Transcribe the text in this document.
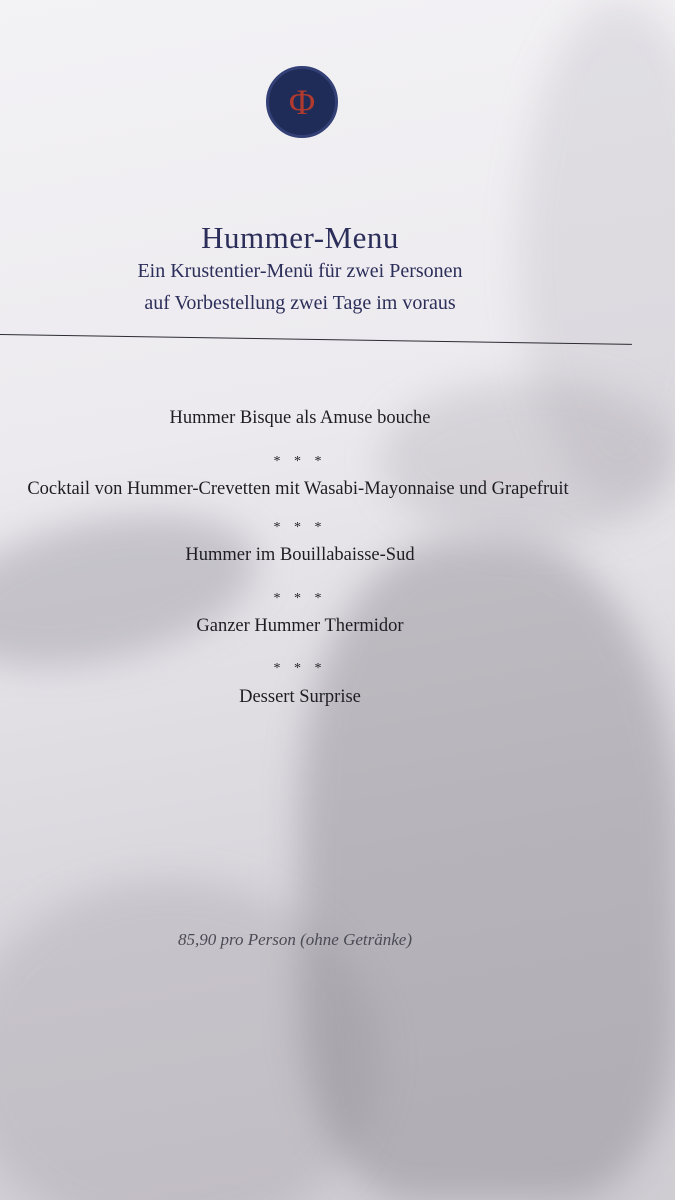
Φ
Hummer-Menu
Ein Krustentier-Menü für zwei Personen
auf Vorbestellung zwei Tage im voraus
Hummer Bisque als Amuse bouche
* * *
Cocktail von Hummer-Crevetten mit Wasabi-Mayonnaise und Grapefruit
* * *
Hummer im Bouillabaisse-Sud
* * *
Ganzer Hummer Thermidor
* * *
Dessert Surprise
85,90 pro Person (ohne Getränke)
